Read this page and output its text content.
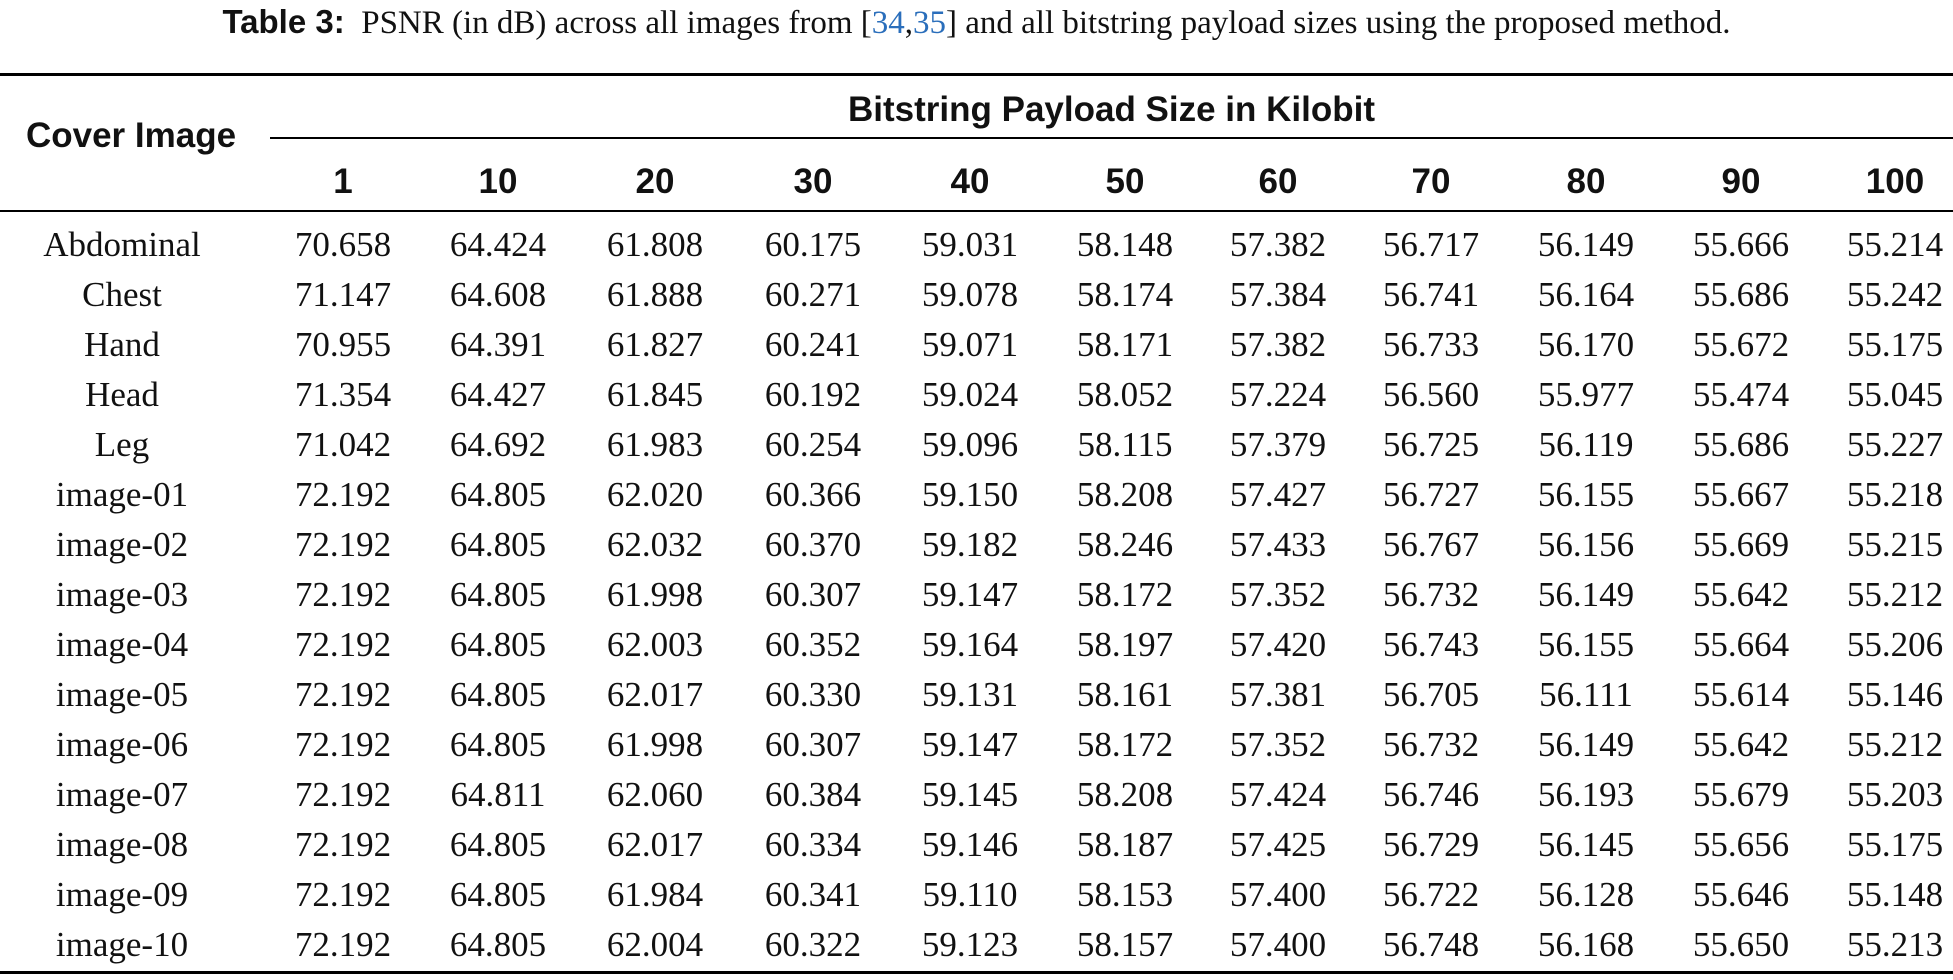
Table 3: PSNR (in dB) across all images from [34,35] and all bitstring payload sizes using the proposed method.
Cover Image
Bitstring Payload Size in Kilobit
1	10	20	30	40	50	60	70	80	90	100
Abdominal	70.658	64.424	61.808	60.175	59.031	58.148	57.382	56.717	56.149	55.666	55.214
Chest	71.147	64.608	61.888	60.271	59.078	58.174	57.384	56.741	56.164	55.686	55.242
Hand	70.955	64.391	61.827	60.241	59.071	58.171	57.382	56.733	56.170	55.672	55.175
Head	71.354	64.427	61.845	60.192	59.024	58.052	57.224	56.560	55.977	55.474	55.045
Leg	71.042	64.692	61.983	60.254	59.096	58.115	57.379	56.725	56.119	55.686	55.227
image-01	72.192	64.805	62.020	60.366	59.150	58.208	57.427	56.727	56.155	55.667	55.218
image-02	72.192	64.805	62.032	60.370	59.182	58.246	57.433	56.767	56.156	55.669	55.215
image-03	72.192	64.805	61.998	60.307	59.147	58.172	57.352	56.732	56.149	55.642	55.212
image-04	72.192	64.805	62.003	60.352	59.164	58.197	57.420	56.743	56.155	55.664	55.206
image-05	72.192	64.805	62.017	60.330	59.131	58.161	57.381	56.705	56.111	55.614	55.146
image-06	72.192	64.805	61.998	60.307	59.147	58.172	57.352	56.732	56.149	55.642	55.212
image-07	72.192	64.811	62.060	60.384	59.145	58.208	57.424	56.746	56.193	55.679	55.203
image-08	72.192	64.805	62.017	60.334	59.146	58.187	57.425	56.729	56.145	55.656	55.175
image-09	72.192	64.805	61.984	60.341	59.110	58.153	57.400	56.722	56.128	55.646	55.148
image-10	72.192	64.805	62.004	60.322	59.123	58.157	57.400	56.748	56.168	55.650	55.213
